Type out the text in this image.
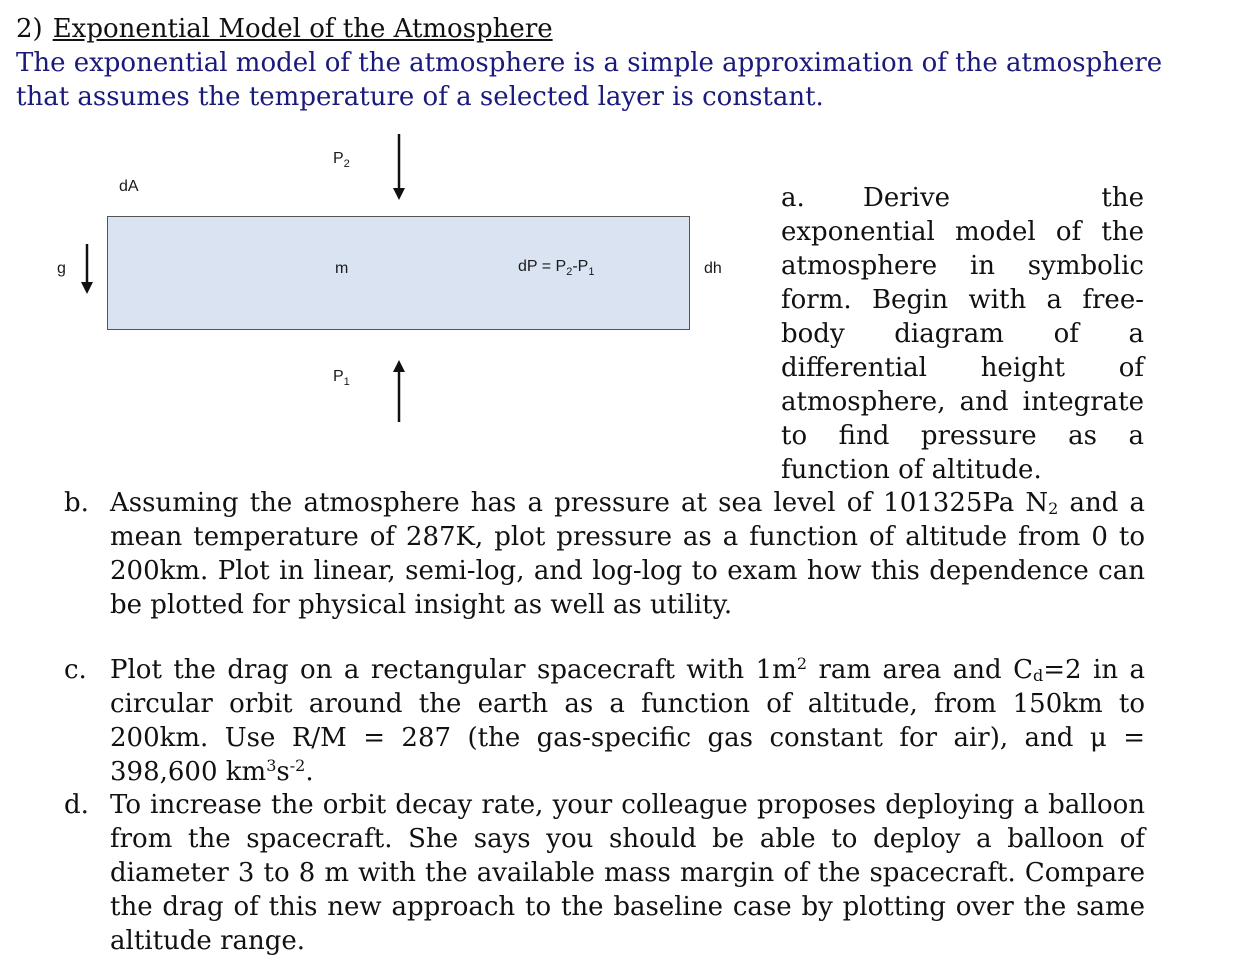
2) Exponential Model of the Atmosphere
The exponential model of the atmosphere is a simple approximation of the atmosphere that assumes the temperature of a selected layer is constant.
$P_2$
dA
g	m	dP = $P_2-P_1$	dh
$P_1$
a. Derive the exponential model of the atmosphere in symbolic form. Begin with a free-body diagram of a differential height of atmosphere, and integrate to find pressure as a function of altitude.
b. Assuming the atmosphere has a pressure at sea level of 101325Pa $N_2$ and a mean temperature of 287K, plot pressure as a function of altitude from 0 to 200km. Plot in linear, semi-log, and log-log to exam how this dependence can be plotted for physical insight as well as utility.
c. Plot the drag on a rectangular spacecraft with $1m^2$ ram area and $C_d=2$ in a circular orbit around the earth as a function of altitude, from 150km to 200km. Use R/M = 287 (the gas-specific gas constant for air), and μ = 398,600 $km^3s^{-2}$.
d. To increase the orbit decay rate, your colleague proposes deploying a balloon from the spacecraft. She says you should be able to deploy a balloon of diameter 3 to 8 m with the available mass margin of the spacecraft. Compare the drag of this new approach to the baseline case by plotting over the same altitude range.
